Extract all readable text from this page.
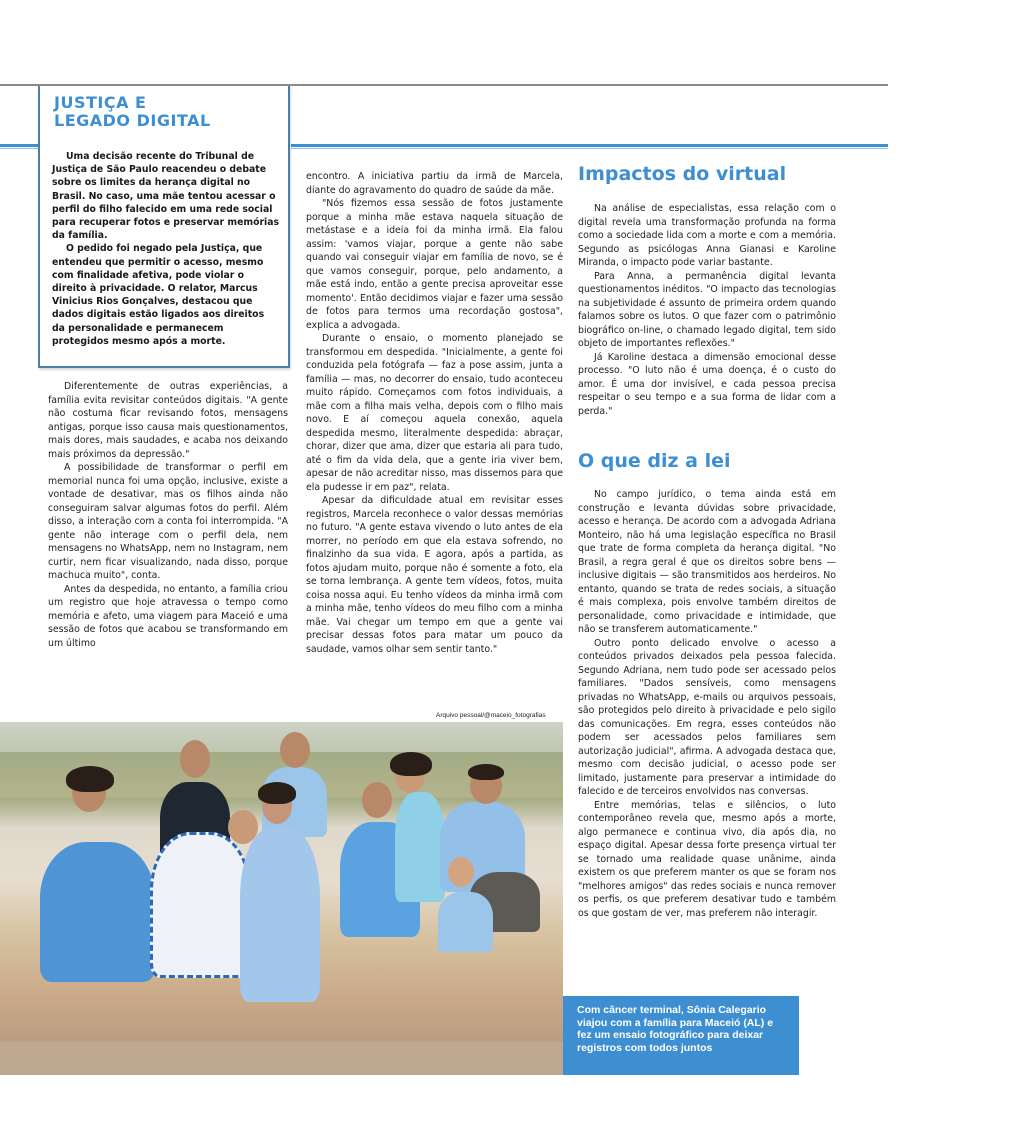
JUSTIÇA E
LEGADO DIGITAL

Uma decisão recente do Tribunal de Justiça de São Paulo reacendeu o debate sobre os limites da herança digital no Brasil. No caso, uma mãe tentou acessar o perfil do filho falecido em uma rede social para recuperar fotos e preservar memórias da família.

O pedido foi negado pela Justiça, que entendeu que permitir o acesso, mesmo com finalidade afetiva, pode violar o direito à privacidade. O relator, Marcus Vinicius Rios Gonçalves, destacou que dados digitais estão ligados aos direitos da personalidade e permanecem protegidos mesmo após a morte.

Diferentemente de outras experiências, a família evita revisitar conteúdos digitais. "A gente não costuma ficar revisando fotos, mensagens antigas, porque isso causa mais questionamentos, mais dores, mais saudades, e acaba nos deixando mais próximos da depressão."

A possibilidade de transformar o perfil em memorial nunca foi uma opção, inclusive, existe a vontade de desativar, mas os filhos ainda não conseguiram salvar algumas fotos do perfil. Além disso, a interação com a conta foi interrompida. "A gente não interage com o perfil dela, nem mensagens no WhatsApp, nem no Instagram, nem curtir, nem ficar visualizando, nada disso, porque machuca muito", conta.

Antes da despedida, no entanto, a família criou um registro que hoje atravessa o tempo como memória e afeto, uma viagem para Maceió e uma sessão de fotos que acabou se transformando em um último

encontro. A iniciativa partiu da irmã de Marcela, diante do agravamento do quadro de saúde da mãe.

"Nós fizemos essa sessão de fotos justamente porque a minha mãe estava naquela situação de metástase e a ideia foi da minha irmã. Ela falou assim: 'vamos viajar, porque a gente não sabe quando vai conseguir viajar em família de novo, se é que vamos conseguir, porque, pelo andamento, a mãe está indo, então a gente precisa aproveitar esse momento'. Então decidimos viajar e fazer uma sessão de fotos para termos uma recordação gostosa", explica a advogada.

Durante o ensaio, o momento planejado se transformou em despedida. "Inicialmente, a gente foi conduzida pela fotógrafa — faz a pose assim, junta a família — mas, no decorrer do ensaio, tudo aconteceu muito rápido. Começamos com fotos individuais, a mãe com a filha mais velha, depois com o filho mais novo. E aí começou aquela conexão, aquela despedida mesmo, literalmente despedida: abraçar, chorar, dizer que ama, dizer que estaria ali para tudo, até o fim da vida dela, que a gente iria viver bem, apesar de não acreditar nisso, mas dissemos para que ela pudesse ir em paz", relata.

Apesar da dificuldade atual em revisitar esses registros, Marcela reconhece o valor dessas memórias no futuro. "A gente estava vivendo o luto antes de ela morrer, no período em que ela estava sofrendo, no finalzinho da sua vida. E agora, após a partida, as fotos ajudam muito, porque não é somente a foto, ela se torna lembrança. A gente tem vídeos, fotos, muita coisa nossa aqui. Eu tenho vídeos da minha irmã com a minha mãe, tenho vídeos do meu filho com a minha mãe. Vai chegar um tempo em que a gente vai precisar dessas fotos para matar um pouco da saudade, vamos olhar sem sentir tanto."

Impactos do virtual

Na análise de especialistas, essa relação com o digital revela uma transformação profunda na forma como a sociedade lida com a morte e com a memória. Segundo as psicólogas Anna Gianasi e Karoline Miranda, o impacto pode variar bastante.

Para Anna, a permanência digital levanta questionamentos inéditos. "O impacto das tecnologias na subjetividade é assunto de primeira ordem quando falamos sobre os lutos. O que fazer com o patrimônio biográfico on-line, o chamado legado digital, tem sido objeto de importantes reflexões."

Já Karoline destaca a dimensão emocional desse processo. "O luto não é uma doença, é o custo do amor. É uma dor invisível, e cada pessoa precisa respeitar o seu tempo e a sua forma de lidar com a perda."

O que diz a lei

No campo jurídico, o tema ainda está em construção e levanta dúvidas sobre privacidade, acesso e herança. De acordo com a advogada Adriana Monteiro, não há uma legislação específica no Brasil que trate de forma completa da herança digital. "No Brasil, a regra geral é que os direitos sobre bens — inclusive digitais — são transmitidos aos herdeiros. No entanto, quando se trata de redes sociais, a situação é mais complexa, pois envolve também direitos de personalidade, como privacidade e intimidade, que não se transferem automaticamente."

Outro ponto delicado envolve o acesso a conteúdos privados deixados pela pessoa falecida. Segundo Adriana, nem tudo pode ser acessado pelos familiares. "Dados sensíveis, como mensagens privadas no WhatsApp, e-mails ou arquivos pessoais, são protegidos pelo direito à privacidade e pelo sigilo das comunicações. Em regra, esses conteúdos não podem ser acessados pelos familiares sem autorização judicial", afirma. A advogada destaca que, mesmo com decisão judicial, o acesso pode ser limitado, justamente para preservar a intimidade do falecido e de terceiros envolvidos nas conversas.

Entre memórias, telas e silêncios, o luto contemporâneo revela que, mesmo após a morte, algo permanece e continua vivo, dia após dia, no espaço digital. Apesar dessa forte presença virtual ter se tornado uma realidade quase unânime, ainda existem os que preferem manter os que se foram nos "melhores amigos" das redes sociais e nunca remover os perfis, os que preferem desativar tudo e também os que gostam de ver, mas preferem não interagir.

Arquivo pessoal/@maceio_fotografias
Com câncer terminal, Sônia Calegario viajou com a família para Maceió (AL) e fez um ensaio fotográfico para deixar registros com todos juntos
